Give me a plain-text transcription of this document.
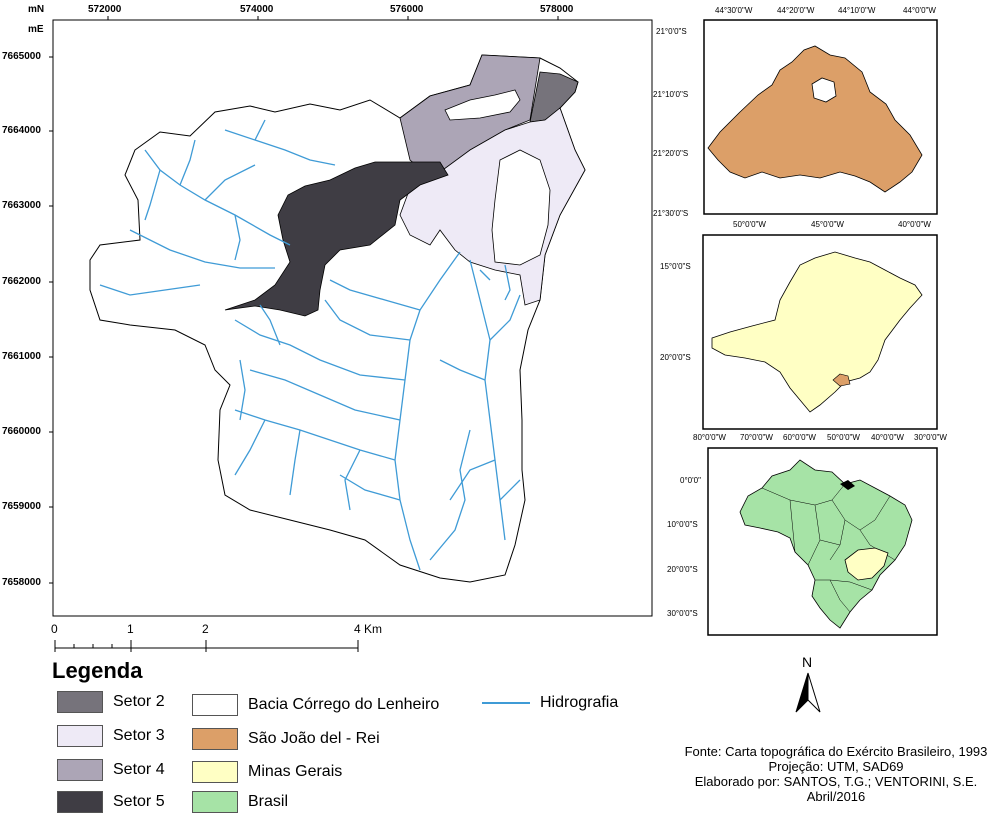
mN
mE
572000	574000	576000	578000
7665000
7664000
7663000
7662000
7661000
7660000
7659000
7658000
0	1	2	4 Km
44°30'0"W	44°20'0"W	44°10'0"W	44°0'0"W
21°0'0"S
21°10'0"S
21°20'0"S
21°30'0"S
50°0'0"W	45°0'0"W	40°0'0"W
15°0'0"S
20°0'0"S
80°0'0"W 70°0'0"W 60°0'0"W 50°0'0"W 40°0'0"W 30°0'0"W
0°0'0"
10°0'0"S
20°0'0"S
30°0'0"S
N
Legenda
Setor 2
Setor 3
Setor 4
Setor 5
Bacia Córrego do Lenheiro
São João del - Rei
Minas Gerais
Brasil
Hidrografia
Fonte: Carta topográfica do Exército Brasileiro, 1993
Projeção: UTM, SAD69
Elaborado por: SANTOS, T.G.; VENTORINI, S.E.
Abril/2016
